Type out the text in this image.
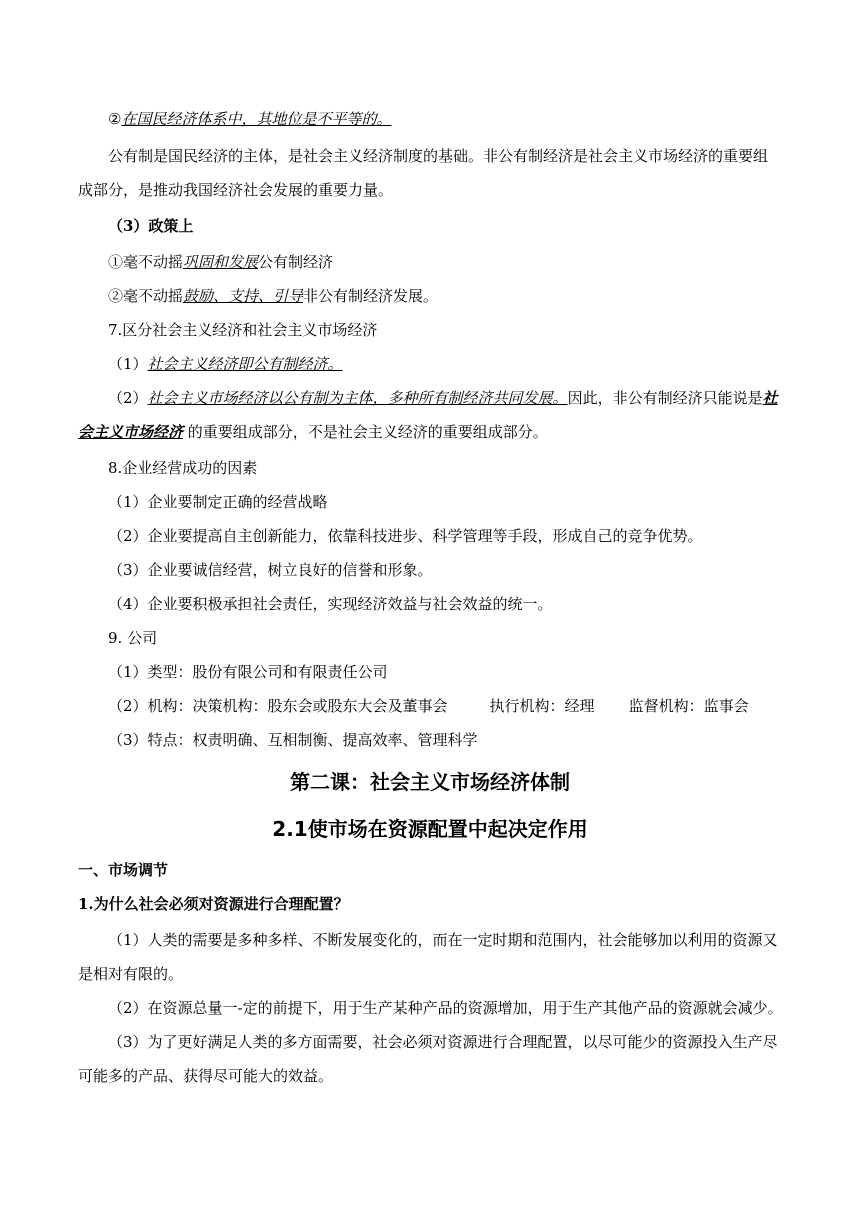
②在国民经济体系中，其地位是不平等的。
公有制是国民经济的主体，是社会主义经济制度的基础。非公有制经济是社会主义市场经济的重要组
成部分，是推动我国经济社会发展的重要力量。
（3）政策上
①毫不动摇巩固和发展公有制经济
②毫不动摇鼓励、支持、引导非公有制经济发展。
7.区分社会主义经济和社会主义市场经济
（1）社会主义经济即公有制经济。
（2）社会主义市场经济以公有制为主体，多种所有制经济共同发展。因此，非公有制经济只能说是社
会主义市场经济 的重要组成部分，不是社会主义经济的重要组成部分。
8.企业经营成功的因素
（1）企业要制定正确的经营战略
（2）企业要提高自主创新能力，依靠科技进步、科学管理等手段，形成自己的竞争优势。
（3）企业要诚信经营，树立良好的信誉和形象。
（4）企业要积极承担社会责任，实现经济效益与社会效益的统一。
9. 公司
（1）类型：股份有限公司和有限责任公司
（2）机构：决策机构：股东会或股东大会及董事会	执行机构：经理 监督机构：监事会
（3）特点：权责明确、互相制衡、提高效率、管理科学
第二课：社会主义市场经济体制
2.1使市场在资源配置中起决定作用
一、市场调节
1.为什么社会必须对资源进行合理配置？
（1）人类的需要是多种多样、不断发展变化的，而在一定时期和范围内，社会能够加以利用的资源又
是相对有限的。
（2）在资源总量一-定的前提下，用于生产某种产品的资源增加，用于生产其他产品的资源就会减少。
（3）为了更好满足人类的多方面需要，社会必须对资源进行合理配置，以尽可能少的资源投入生产尽
可能多的产品、获得尽可能大的效益。
